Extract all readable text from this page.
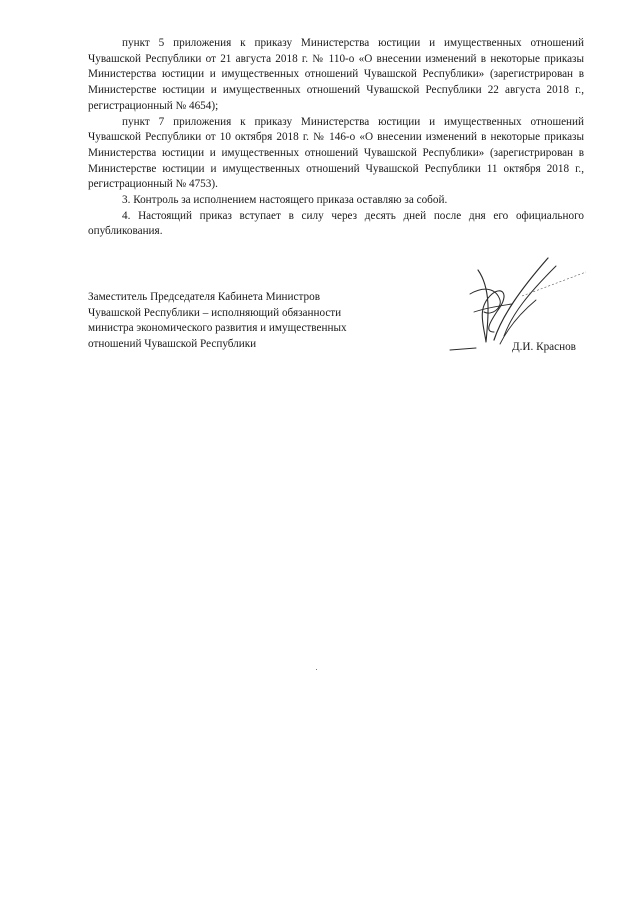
пункт 5 приложения к приказу Министерства юстиции и имущественных отношений Чувашской Республики от 21 августа 2018 г. № 110-о «О внесении изменений в некоторые приказы Министерства юстиции и имущественных отношений Чувашской Республики» (зарегистрирован в Министерстве юстиции и имущественных отношений Чувашской Республики 22 августа 2018 г., регистрационный № 4654);

пункт 7 приложения к приказу Министерства юстиции и имущественных отношений Чувашской Республики от 10 октября 2018 г. № 146-о «О внесении изменений в некоторые приказы Министерства юстиции и имущественных отношений Чувашской Республики» (зарегистрирован в Министерстве юстиции и имущественных отношений Чувашской Республики 11 октября 2018 г., регистрационный № 4753).

3. Контроль за исполнением настоящего приказа оставляю за собой.

4. Настоящий приказ вступает в силу через десять дней после дня его официального опубликования.

Заместитель Председателя Кабинета Министров
Чувашской Республики – исполняющий обязанности
министра экономического развития и имущественных
отношений Чувашской Республики	Д.И. Краснов
